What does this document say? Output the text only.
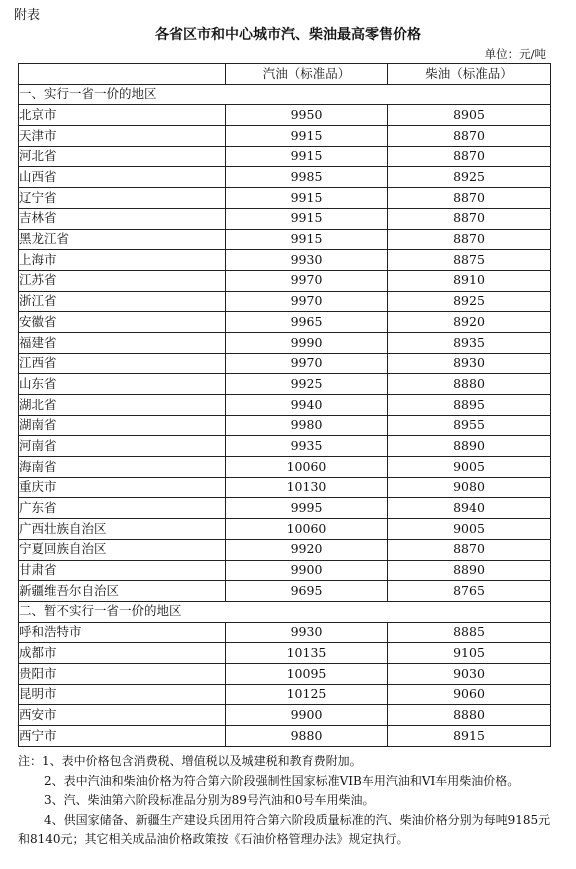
附表
各省区市和中心城市汽、柴油最高零售价格
单位：元/吨
	汽油（标准品）	柴油（标准品）
一、实行一省一价的地区		
北京市	9950	8905
天津市	9915	8870
河北省	9915	8870
山西省	9985	8925
辽宁省	9915	8870
吉林省	9915	8870
黑龙江省	9915	8870
上海市	9930	8875
江苏省	9970	8910
浙江省	9970	8925
安徽省	9965	8920
福建省	9990	8935
江西省	9970	8930
山东省	9925	8880
湖北省	9940	8895
湖南省	9980	8955
河南省	9935	8890
海南省	10060	9005
重庆市	10130	9080
广东省	9995	8940
广西壮族自治区	10060	9005
宁夏回族自治区	9920	8870
甘肃省	9900	8890
新疆维吾尔自治区	9695	8765
二、暂不实行一省一价的地区		
呼和浩特市	9930	8885
成都市	10135	9105
贵阳市	10095	9030
昆明市	10125	9060
西安市	9900	8880
西宁市	9880	8915

注：1、表中价格包含消费税、增值税以及城建税和教育费附加。

2、表中汽油和柴油价格为符合第六阶段强制性国家标准VIB车用汽油和VI车用柴油价格。

3、汽、柴油第六阶段标准品分别为89号汽油和0号车用柴油。

4、供国家储备、新疆生产建设兵团用符合第六阶段质量标准的汽、柴油价格分别为每吨9185元和8140元；其它相关成品油价格政策按《石油价格管理办法》规定执行。
